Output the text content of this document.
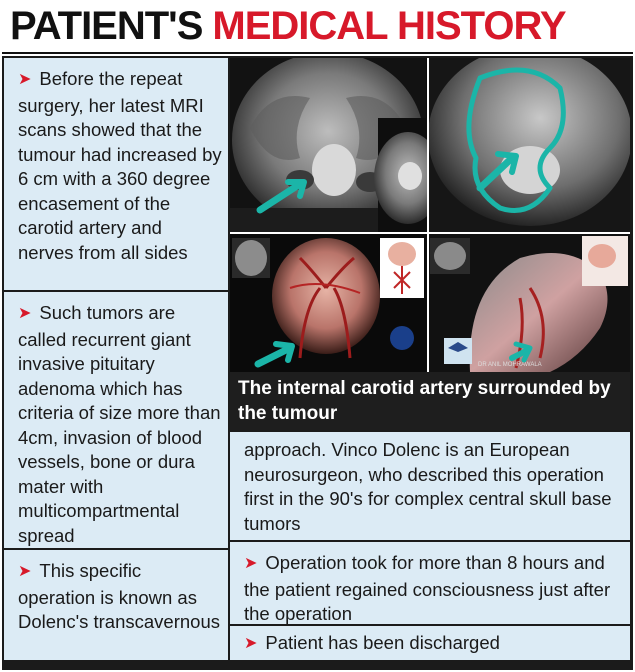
PATIENT'S MEDICAL HISTORY
➤ Before the repeat surgery, her latest MRI scans showed that the tumour had increased by 6 cm with a 360 degree encasement of the carotid artery and nerves from all sides
➤ Such tumors are called recurrent giant invasive pituitary adenoma which has criteria of size more than 4cm, invasion of blood vessels, bone or dura mater with multicompartmental spread
➤ This specific operation is known as Dolenc's transcavernous
DR ANIL MOHRAWALA
The internal carotid artery surrounded by the tumour
approach. Vinco Dolenc is an European neurosurgeon, who described this operation first in the 90's for complex central skull base tumors
➤ Operation took for more than 8 hours and the patient regained consciousness just after the operation
➤ Patient has been discharged
